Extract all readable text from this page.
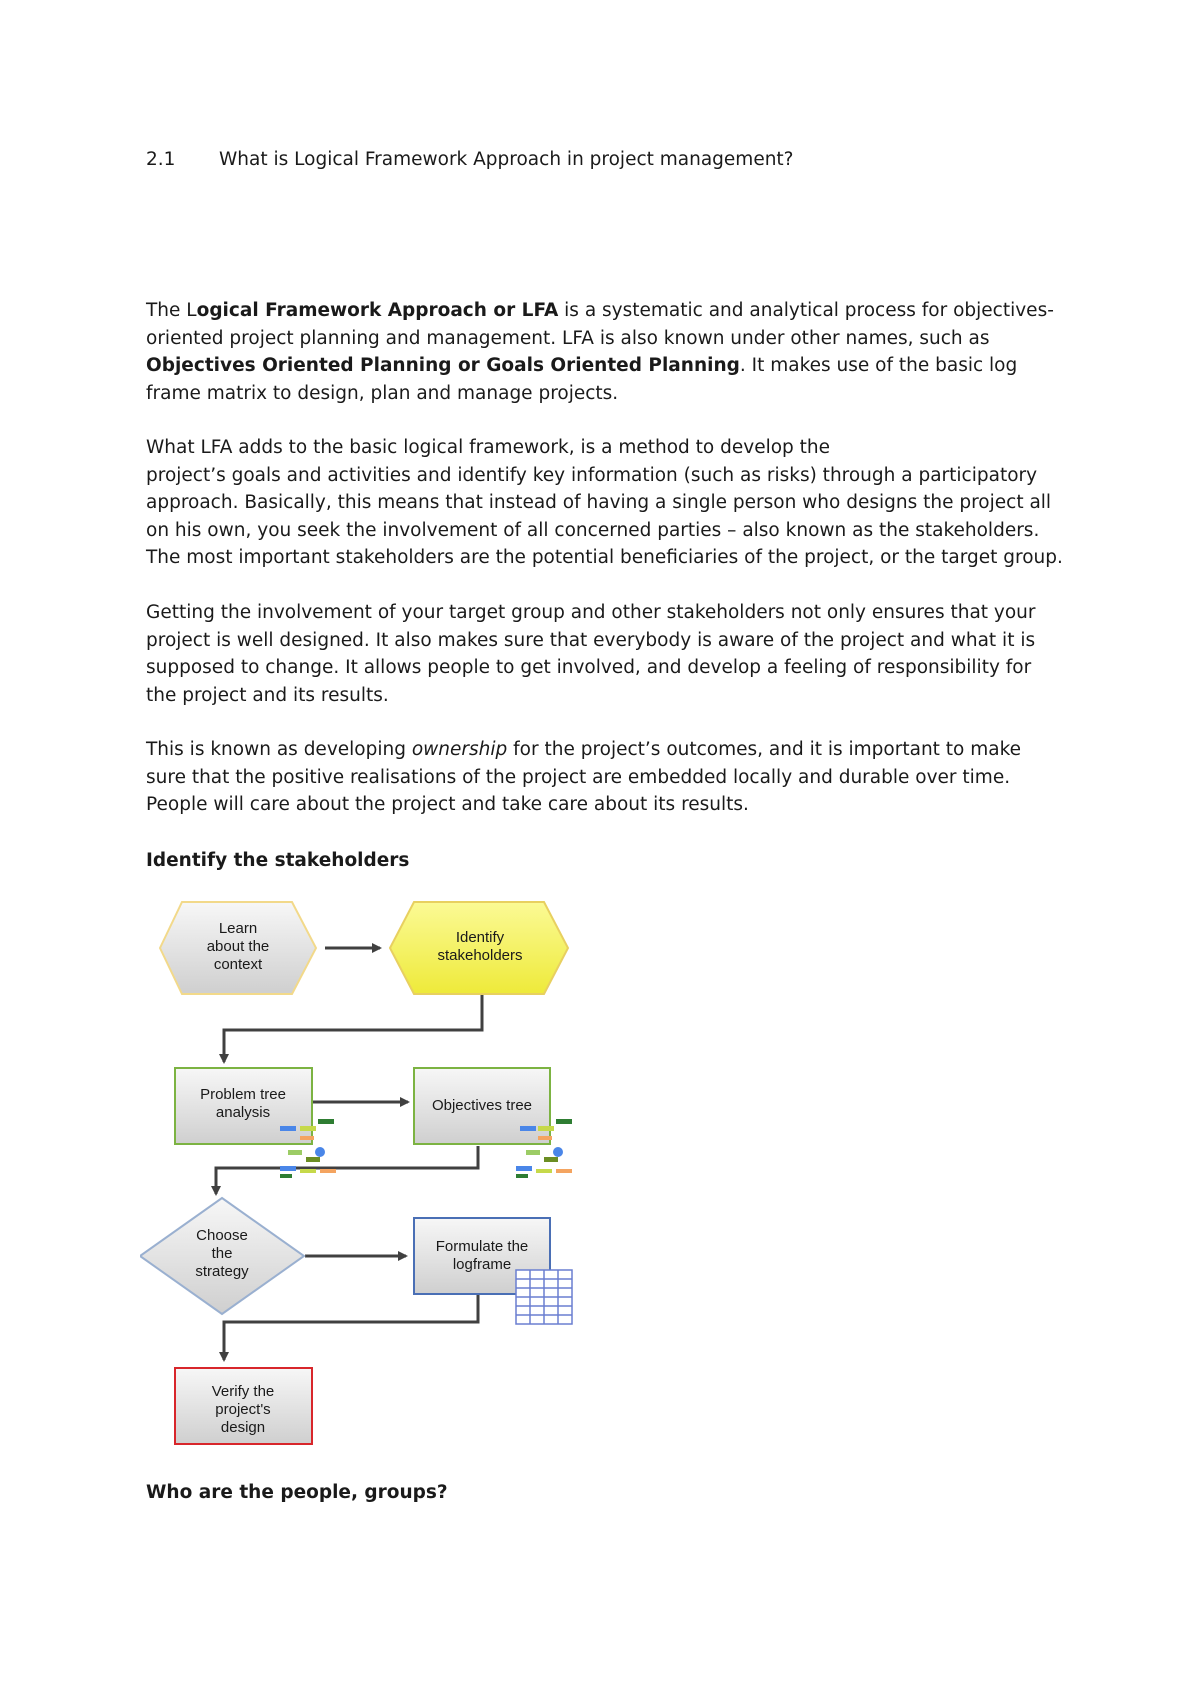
2.1 What is Logical Framework Approach in project management?

The Logical Framework Approach or LFA is a systematic and analytical process for objectives-oriented project planning and management. LFA is also known under other names, such as Objectives Oriented Planning or Goals Oriented Planning. It makes use of the basic log frame matrix to design, plan and manage projects.

What LFA adds to the basic logical framework, is a method to develop the
project’s goals and activities and identify key information (such as risks) through a participatory approach. Basically, this means that instead of having a single person who designs the project all on his own, you seek the involvement of all concerned parties – also known as the stakeholders. The most important stakeholders are the potential beneficiaries of the project, or the target group.

Getting the involvement of your target group and other stakeholders not only ensures that your project is well designed. It also makes sure that everybody is aware of the project and what it is supposed to change. It allows people to get involved, and develop a feeling of responsibility for the project and its results.

This is known as developing ownership for the project’s outcomes, and it is important to make sure that the positive realisations of the project are embedded locally and durable over time. People will care about the project and take care about its results.

Identify the stakeholders
Learn
about the
context
Identify
stakeholders
Problem tree
analysis	Objectives tree
Choose
the
strategy
Formulate the
logframe
Verify the
project's
design
Who are the people, groups?
